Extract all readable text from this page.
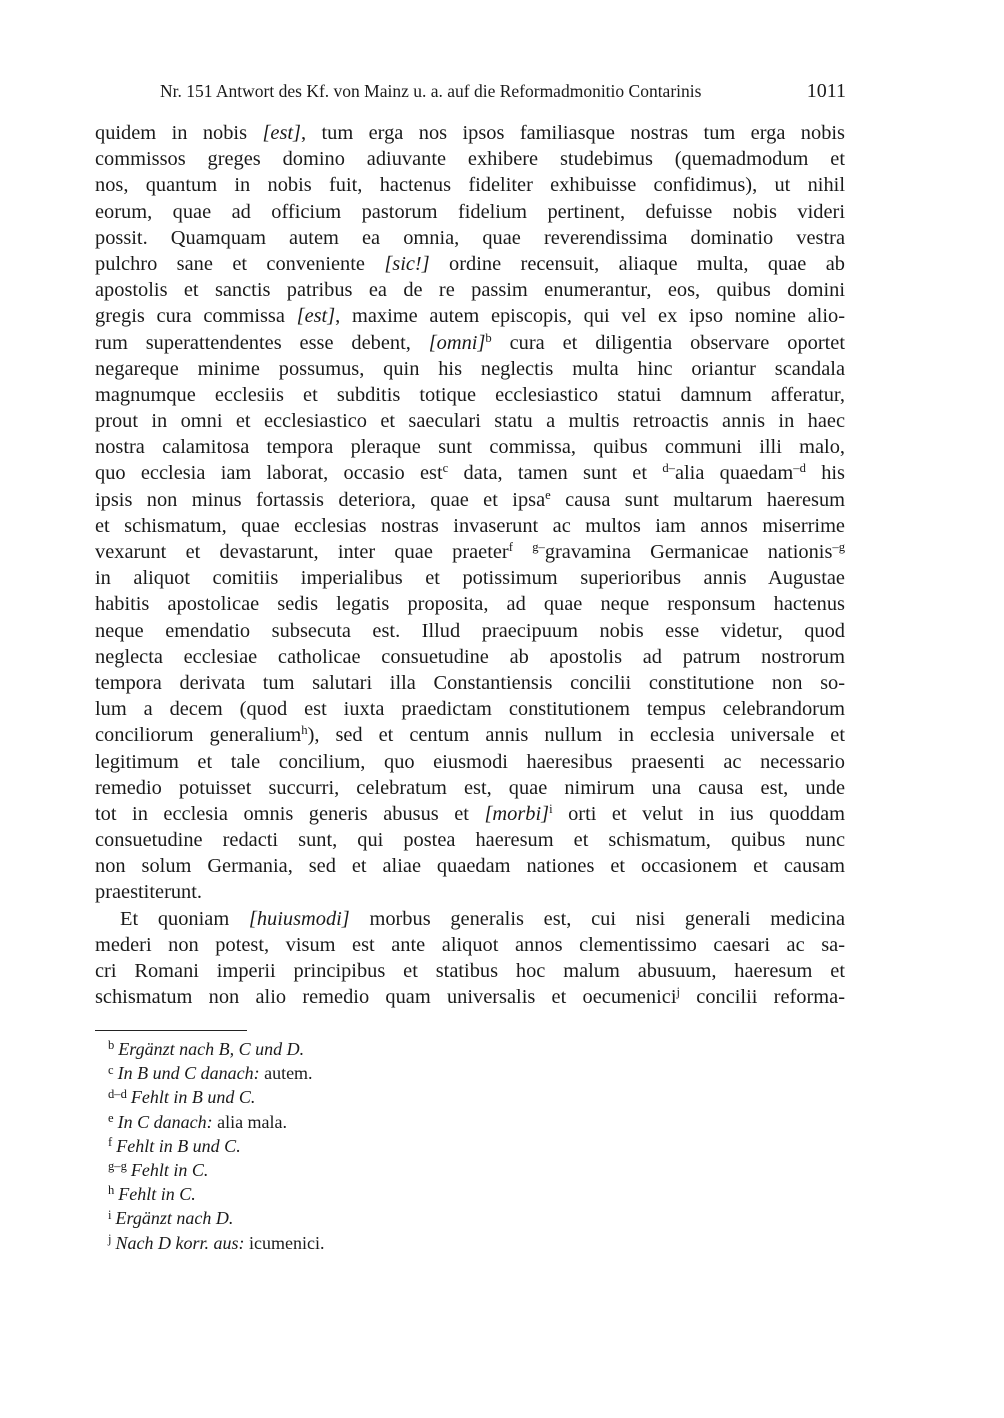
Nr. 151 Antwort des Kf. von Mainz u. a. auf die Reformadmonitio Contarinis	1011
quidem in nobis [est], tum erga nos ipsos familiasque nostras tum erga nobis
commissos greges domino adiuvante exhibere studebimus (quemadmodum et
nos, quantum in nobis fuit, hactenus fideliter exhibuisse confidimus), ut nihil
eorum, quae ad officium pastorum fidelium pertinent, defuisse nobis videri
possit. Quamquam autem ea omnia, quae reverendissima dominatio vestra
pulchro sane et conveniente [sic!] ordine recensuit, aliaque multa, quae ab
apostolis et sanctis patribus ea de re passim enumerantur, eos, quibus domini
gregis cura commissa [est], maxime autem episcopis, qui vel ex ipso nomine alio-
rum superattendentes esse debent, [omni]$^b$ cura et diligentia observare oportet
negareque minime possumus, quin his neglectis multa hinc oriantur scandala
magnumque ecclesiis et subditis totique ecclesiastico statui damnum afferatur,
prout in omni et ecclesiastico et saeculari statu a multis retroactis annis in haec
nostra calamitosa tempora pleraque sunt commissa, quibus communi illi malo,
quo ecclesia iam laborat, occasio est$^c$ data, tamen sunt et $^{d-}$alia quaedam$^{-d}$ his
ipsis non minus fortassis deteriora, quae et ipsa$^e$ causa sunt multarum haeresum
et schismatum, quae ecclesias nostras invaserunt ac multos iam annos miserrime
vexarunt et devastarunt, inter quae praeter$^f$ $^{g-}$gravamina Germanicae nationis$^{-g}$
in aliquot comitiis imperialibus et potissimum superioribus annis Augustae
habitis apostolicae sedis legatis proposita, ad quae neque responsum hactenus
neque emendatio subsecuta est. Illud praecipuum nobis esse videtur, quod
neglecta ecclesiae catholicae consuetudine ab apostolis ad patrum nostrorum
tempora derivata tum salutari illa Constantiensis concilii constitutione non so-
lum a decem (quod est iuxta praedictam constitutionem tempus celebrandorum
conciliorum generalium$^h$), sed et centum annis nullum in ecclesia universale et
legitimum et tale concilium, quo eiusmodi haeresibus praesenti ac necessario
remedio potuisset succurri, celebratum est, quae nimirum una causa est, unde
tot in ecclesia omnis generis abusus et [morbi]$^i$ orti et velut in ius quoddam
consuetudine redacti sunt, qui postea haeresum et schismatum, quibus nunc
non solum Germania, sed et aliae quaedam nationes et occasionem et causam
praestiterunt.
Et quoniam [huiusmodi] morbus generalis est, cui nisi generali medicina
mederi non potest, visum est ante aliquot annos clementissimo caesari ac sa-
cri Romani imperii principibus et statibus hoc malum abusuum, haeresum et
schismatum non alio remedio quam universalis et oecumenici$^j$ concilii reforma-
$^b$ Ergänzt nach B, C und D.
$^c$ In B und C danach: autem.
$^{d-d}$ Fehlt in B und C.
$^e$ In C danach: alia mala.
$^f$ Fehlt in B und C.
$^{g-g}$ Fehlt in C.
$^h$ Fehlt in C.
$^i$ Ergänzt nach D.
$^j$ Nach D korr. aus: icumenici.
